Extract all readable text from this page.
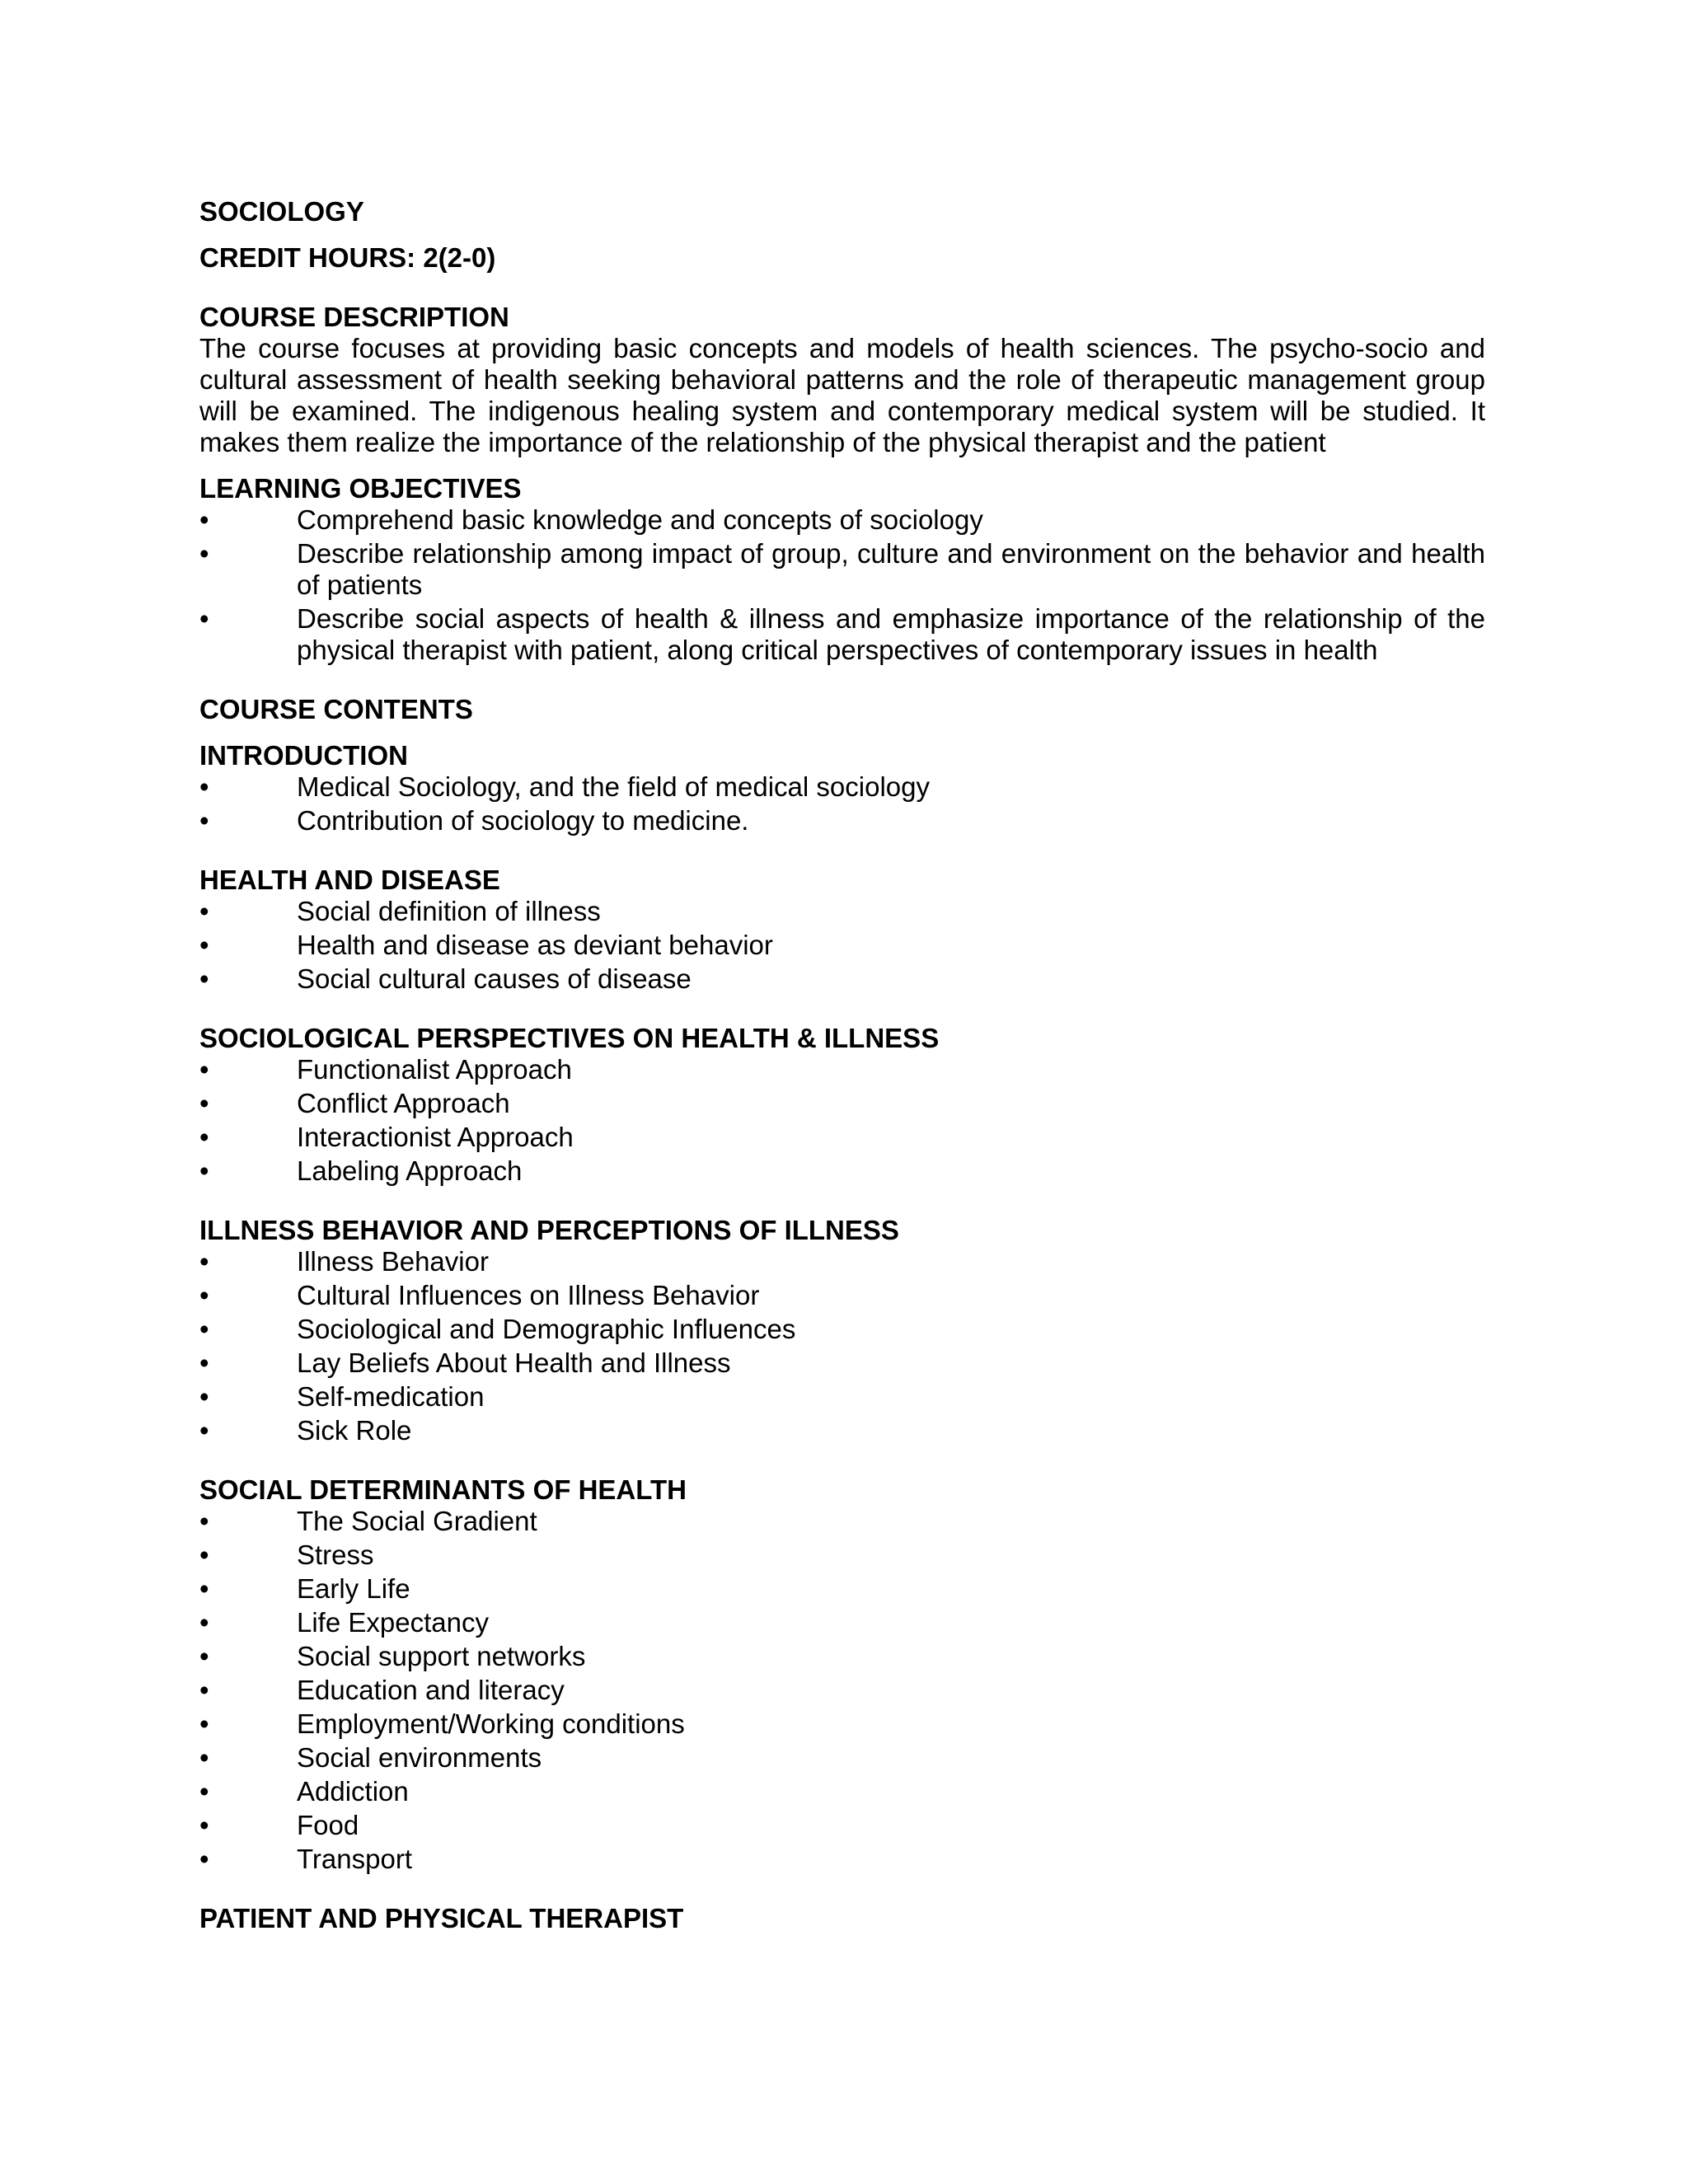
SOCIOLOGY

CREDIT HOURS: 2(2-0)

COURSE DESCRIPTION

The course focuses at providing basic concepts and models of health sciences. The psycho-socio and cultural assessment of health seeking behavioral patterns and the role of therapeutic management group will be examined. The indigenous healing system and contemporary medical system will be studied. It makes them realize the importance of the relationship of the physical therapist and the patient

LEARNING OBJECTIVES

•	Comprehend basic knowledge and concepts of sociology
•	Describe relationship among impact of group, culture and environment on the behavior and health of patients
•	Describe social aspects of health & illness and emphasize importance of the relationship of the physical therapist with patient, along critical perspectives of contemporary issues in health

COURSE CONTENTS

INTRODUCTION

•	Medical Sociology, and the field of medical sociology
•	Contribution of sociology to medicine.

HEALTH AND DISEASE

•	Social definition of illness
•	Health and disease as deviant behavior
•	Social cultural causes of disease

SOCIOLOGICAL PERSPECTIVES ON HEALTH & ILLNESS

•	Functionalist Approach
•	Conflict Approach
•	Interactionist Approach
•	Labeling Approach

ILLNESS BEHAVIOR AND PERCEPTIONS OF ILLNESS

•	Illness Behavior
•	Cultural Influences on Illness Behavior
•	Sociological and Demographic Influences
•	Lay Beliefs About Health and Illness
•	Self-medication
•	Sick Role

SOCIAL DETERMINANTS OF HEALTH

•	The Social Gradient
•	Stress
•	Early Life
•	Life Expectancy
•	Social support networks
•	Education and literacy
•	Employment/Working conditions
•	Social environments
•	Addiction
•	Food
•	Transport

PATIENT AND PHYSICAL THERAPIST
